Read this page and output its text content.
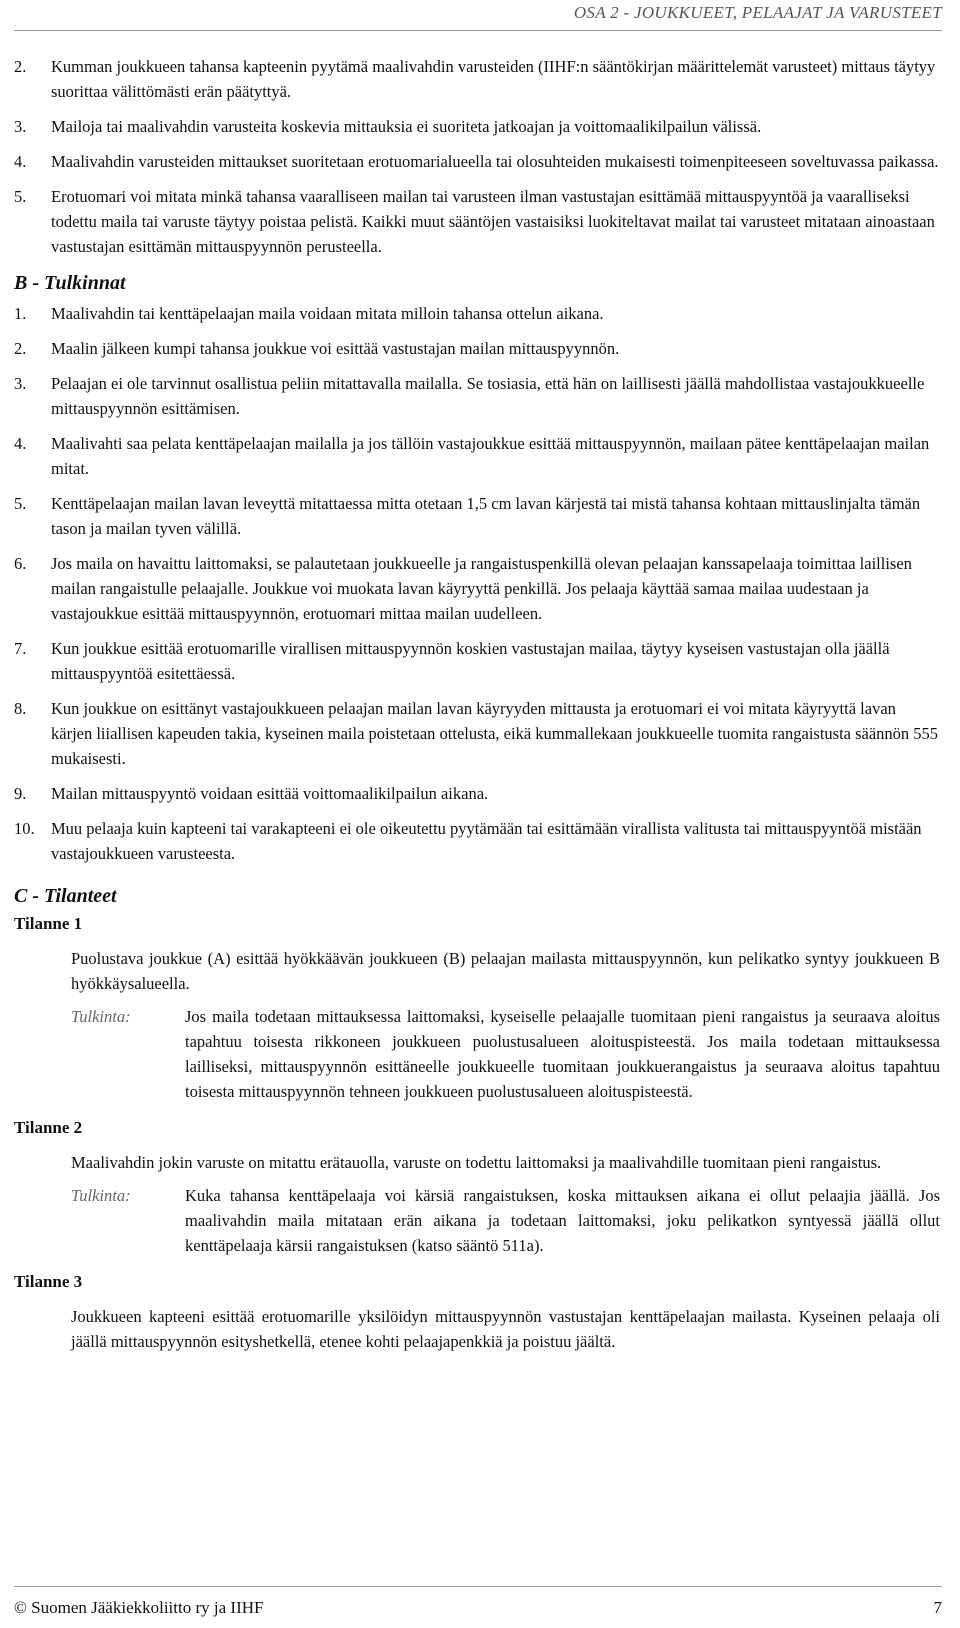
OSA 2 - JOUKKUEET, PELAAJAT JA VARUSTEET
2.	Kumman joukkueen tahansa kapteenin pyytämä maalivahdin varusteiden (IIHF:n sääntökirjan määrittelemät varusteet) mittaus täytyy suorittaa välittömästi erän päätyttyä.
3.	Mailoja tai maalivahdin varusteita koskevia mittauksia ei suoriteta jatkoajan ja voittomaalikilpailun välissä.
4.	Maalivahdin varusteiden mittaukset suoritetaan erotuomarialueella tai olosuhteiden mukaisesti toimenpiteeseen soveltuvassa paikassa.
5.	Erotuomari voi mitata minkä tahansa vaaralliseen mailan tai varusteen ilman vastustajan esittämää mittauspyyntöä ja vaaralliseksi todettu maila tai varuste täytyy poistaa pelistä. Kaikki muut sääntöjen vastaisiksi luokiteltavat mailat tai varusteet mitataan ainoastaan vastustajan esittämän mittauspyynnön perusteella.
B - Tulkinnat
1.	Maalivahdin tai kenttäpelaajan maila voidaan mitata milloin tahansa ottelun aikana.
2.	Maalin jälkeen kumpi tahansa joukkue voi esittää vastustajan mailan mittauspyynnön.
3.	Pelaajan ei ole tarvinnut osallistua peliin mitattavalla mailalla. Se tosiasia, että hän on laillisesti jäällä mahdollistaa vastajoukkueelle mittauspyynnön esittämisen.
4.	Maalivahti saa pelata kenttäpelaajan mailalla ja jos tällöin vastajoukkue esittää mittauspyynnön, mailaan pätee kenttäpelaajan mailan mitat.
5.	Kenttäpelaajan mailan lavan leveyttä mitattaessa mitta otetaan 1,5 cm lavan kärjestä tai mistä tahansa kohtaan mittauslinjalta tämän tason ja mailan tyven välillä.
6.	Jos maila on havaittu laittomaksi, se palautetaan joukkueelle ja rangaistuspenkillä olevan pelaajan kanssapelaaja toimittaa laillisen mailan rangaistulle pelaajalle. Joukkue voi muokata lavan käyryyttä penkillä. Jos pelaaja käyttää samaa mailaa uudestaan ja vastajoukkue esittää mittauspyynnön, erotuomari mittaa mailan uudelleen.
7.	Kun joukkue esittää erotuomarille virallisen mittauspyynnön koskien vastustajan mailaa, täytyy kyseisen vastustajan olla jäällä mittauspyyntöä esitettäessä.
8.	Kun joukkue on esittänyt vastajoukkueen pelaajan mailan lavan käyryyden mittausta ja erotuomari ei voi mitata käyryyttä lavan kärjen liiallisen kapeuden takia, kyseinen maila poistetaan ottelusta, eikä kummallekaan joukkueelle tuomita rangaistusta säännön 555 mukaisesti.
9.	Mailan mittauspyyntö voidaan esittää voittomaalikilpailun aikana.
10. Muu pelaaja kuin kapteeni tai varakapteeni ei ole oikeutettu pyytämään tai esittämään virallista valitusta tai mittauspyyntöä mistään vastajoukkueen varusteesta.
C - Tilanteet
Tilanne 1
Puolustava joukkue (A) esittää hyökkäävän joukkueen (B) pelaajan mailasta mittauspyynnön, kun pelikatko syntyy joukkueen B hyökkäysalueella.
Tulkinta:	Jos maila todetaan mittauksessa laittomaksi, kyseiselle pelaajalle tuomitaan pieni rangaistus ja seuraava aloitus tapahtuu toisesta rikkoneen joukkueen puolustusalueen aloituspisteestä. Jos maila todetaan mittauksessa lailliseksi, mittauspyynnön esittäneelle joukkueelle tuomitaan joukkuerangaistus ja seuraava aloitus tapahtuu toisesta mittauspyynnön tehneen joukkueen puolustusalueen aloituspisteestä.
Tilanne 2
Maalivahdin jokin varuste on mitattu erätauolla, varuste on todettu laittomaksi ja maalivahdille tuomitaan pieni rangaistus.
Tulkinta:	Kuka tahansa kenttäpelaaja voi kärsiä rangaistuksen, koska mittauksen aikana ei ollut pelaajia jäällä. Jos maalivahdin maila mitataan erän aikana ja todetaan laittomaksi, joku pelikatkon syntyessä jäällä ollut kenttäpelaaja kärsii rangaistuksen (katso sääntö 511a).
Tilanne 3
Joukkueen kapteeni esittää erotuomarille yksilöidyn mittauspyynnön vastustajan kenttäpelaajan mailasta. Kyseinen pelaaja oli jäällä mittauspyynnön esityshetkellä, etenee kohti pelaajapenkkiä ja poistuu jäältä.
© Suomen Jääkiekkoliitto ry ja IIHF	7
